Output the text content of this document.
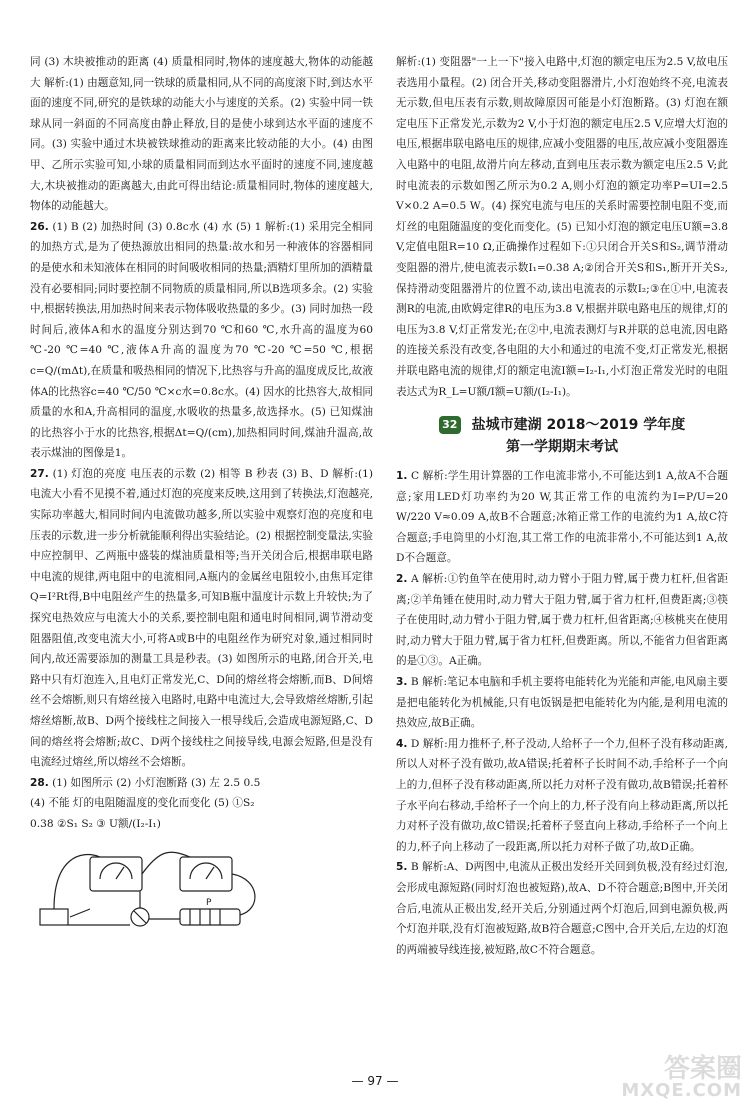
同 (3) 木块被推动的距离 (4) 质量相同时,物体的速度越大,物体的动能越大 解析:(1) 由题意知,同一铁球的质量相同,从不同的高度滚下时,到达水平面的速度不同,研究的是铁球的动能大小与速度的关系。(2) 实验中同一铁球从同一斜面的不同高度由静止释放,目的是使小球到达水平面的速度不同。(3) 实验中通过木块被铁球推动的距离来比较动能的大小。(4) 由图甲、乙所示实验可知,小球的质量相同而到达水平面时的速度不同,速度越大,木块被推动的距离越大,由此可得出结论:质量相同时,物体的速度越大,物体的动能越大。

26. (1) B (2) 加热时间 (3) 0.8c水 (4) 水 (5) 1 解析:(1) 采用完全相同的加热方式,是为了使热源放出相同的热量:故水和另一种液体的容器相同的是使水和未知液体在相同的时间吸收相同的热量;酒精灯里所加的酒精量没有必要相同;同时要控制不同物质的质量相同,所以B选项多余。(2) 实验中,根据转换法,用加热时间来表示物体吸收热量的多少。(3) 同时加热一段时间后,液体A和水的温度分别达到70 ℃和60 ℃,水升高的温度为60 ℃-20 ℃=40 ℃,液体A升高的温度为70 ℃-20 ℃=50 ℃,根据c=Q/(mΔt),在质量和吸热相同的情况下,比热容与升高的温度成反比,故液体A的比热容c=40 ℃/50 ℃×c水=0.8c水。(4) 因水的比热容大,故相同质量的水和A,升高相同的温度,水吸收的热量多,故选择水。(5) 已知煤油的比热容小于水的比热容,根据Δt=Q/(cm),加热相同时间,煤油升温高,故表示煤油的图像是1。

27. (1) 灯泡的亮度 电压表的示数 (2) 相等 B 秒表 (3) B、D 解析:(1) 电流大小看不见摸不着,通过灯泡的亮度来反映,这用到了转换法,灯泡越亮,实际功率越大,相同时间内电流做功越多,所以实验中观察灯泡的亮度和电压表的示数,进一步分析就能顺利得出实验结论。(2) 根据控制变量法,实验中应控制甲、乙两瓶中盛装的煤油质量相等;当开关闭合后,根据串联电路中电流的规律,两电阻中的电流相同,A瓶内的金属丝电阻较小,由焦耳定律Q=I²Rt得,B中电阻丝产生的热量多,可知B瓶中温度计示数上升较快;为了探究电热效应与电流大小的关系,要控制电阻和通电时间相同,调节滑动变阻器阻值,改变电流大小,可将A或B中的电阻丝作为研究对象,通过相同时间内,故还需要添加的测量工具是秒表。(3) 如图所示的电路,闭合开关,电路中只有灯泡连入,且电灯正常发光,C、D间的熔丝将会熔断,而B、D间熔丝不会熔断,则只有熔丝接入电路时,电路中电流过大,会导致熔丝熔断,引起熔丝熔断,故B、D两个接线柱之间接入一根导线后,会造成电源短路,C、D间的熔丝将会熔断;故C、D两个接线柱之间接导线,电源会短路,但是没有电流经过熔丝,所以熔丝不会熔断。

28. (1) 如图所示 (2) 小灯泡断路 (3) 左 2.5 0.5

(4) 不能 灯的电阻随温度的变化而变化 (5) ①S₂

0.38 ②S₁ S₂ ③ U额/(I₂-I₁)

P

解析:(1) 变阻器"一上一下"接入电路中,灯泡的额定电压为2.5 V,故电压表选用小量程。(2) 闭合开关,移动变阻器滑片,小灯泡始终不亮,电流表无示数,但电压表有示数,则故障原因可能是小灯泡断路。(3) 灯泡在额定电压下正常发光,示数为2 V,小于灯泡的额定电压2.5 V,应增大灯泡的电压,根据串联电路电压的规律,应减小变阻器的电压,故应减小变阻器连入电路中的电阻,故滑片向左移动,直到电压表示数为额定电压2.5 V;此时电流表的示数如图乙所示为0.2 A,则小灯泡的额定功率P=UI=2.5 V×0.2 A=0.5 W。(4) 探究电流与电压的关系时需要控制电阻不变,而灯丝的电阻随温度的变化而变化。(5) 已知小灯泡的额定电压U额=3.8 V,定值电阻R=10 Ω,正确操作过程如下:①只闭合开关S和S₂,调节滑动变阻器的滑片,使电流表示数I₁=0.38 A;②闭合开关S和S₁,断开开关S₂,保持滑动变阻器滑片的位置不动,读出电流表的示数I₂;③在①中,电流表测R的电流,由欧姆定律R的电压为3.8 V,根据并联电路电压的规律,灯的电压为3.8 V,灯正常发光;在②中,电流表测灯与R并联的总电流,因电路的连接关系没有改变,各电阻的大小和通过的电流不变,灯正常发光,根据并联电路电流的规律,灯的额定电流I额=I₂-I₁,小灯泡正常发光时的电阻表达式为R_L=U额/I额=U额/(I₂-I₁)。

32 盐城市建湖 2018～2019 学年度
第一学期期末考试

1. C 解析:学生用计算器的工作电流非常小,不可能达到1 A,故A不合题意;家用LED灯功率约为20 W,其正常工作的电流约为I=P/U=20 W/220 V≈0.09 A,故B不合题意;冰箱正常工作的电流约为1 A,故C符合题意;手电筒里的小灯泡,其工常工作的电流非常小,不可能达到1 A,故D不合题意。

2. A 解析:①钓鱼竿在使用时,动力臂小于阻力臂,属于费力杠杆,但省距离;②羊角锤在使用时,动力臂大于阻力臂,属于省力杠杆,但费距离;③筷子在使用时,动力臂小于阻力臂,属于费力杠杆,但省距离;④核桃夹在使用时,动力臂大于阻力臂,属于省力杠杆,但费距离。所以,不能省力但省距离的是①③。A正确。

3. B 解析:笔记本电脑和手机主要将电能转化为光能和声能,电风扇主要是把电能转化为机械能,只有电饭锅是把电能转化为内能,是利用电流的热效应,故B正确。

4. D 解析:用力推杯子,杯子没动,人给杯子一个力,但杯子没有移动距离,所以人对杯子没有做功,故A错误;托着杯子长时间不动,手给杯子一个向上的力,但杯子没有移动距离,所以托力对杯子没有做功,故B错误;托着杯子水平向右移动,手给杯子一个向上的力,杯子没有向上移动距离,所以托力对杯子没有做功,故C错误;托着杯子竖直向上移动,手给杯子一个向上的力,杯子向上移动了一段距离,所以托力对杯子做了功,故D正确。

5. B 解析:A、D两图中,电流从正极出发经开关回到负极,没有经过灯泡,会形成电源短路(同时灯泡也被短路),故A、D不符合题意;B图中,开关闭合后,电流从正极出发,经开关后,分别通过两个灯泡后,回到电源负极,两个灯泡并联,没有灯泡被短路,故B符合题意;C图中,合开关后,左边的灯泡的两端被导线连接,被短路,故C不符合题意。

— 97 —	答案圈
MXQE.COM
